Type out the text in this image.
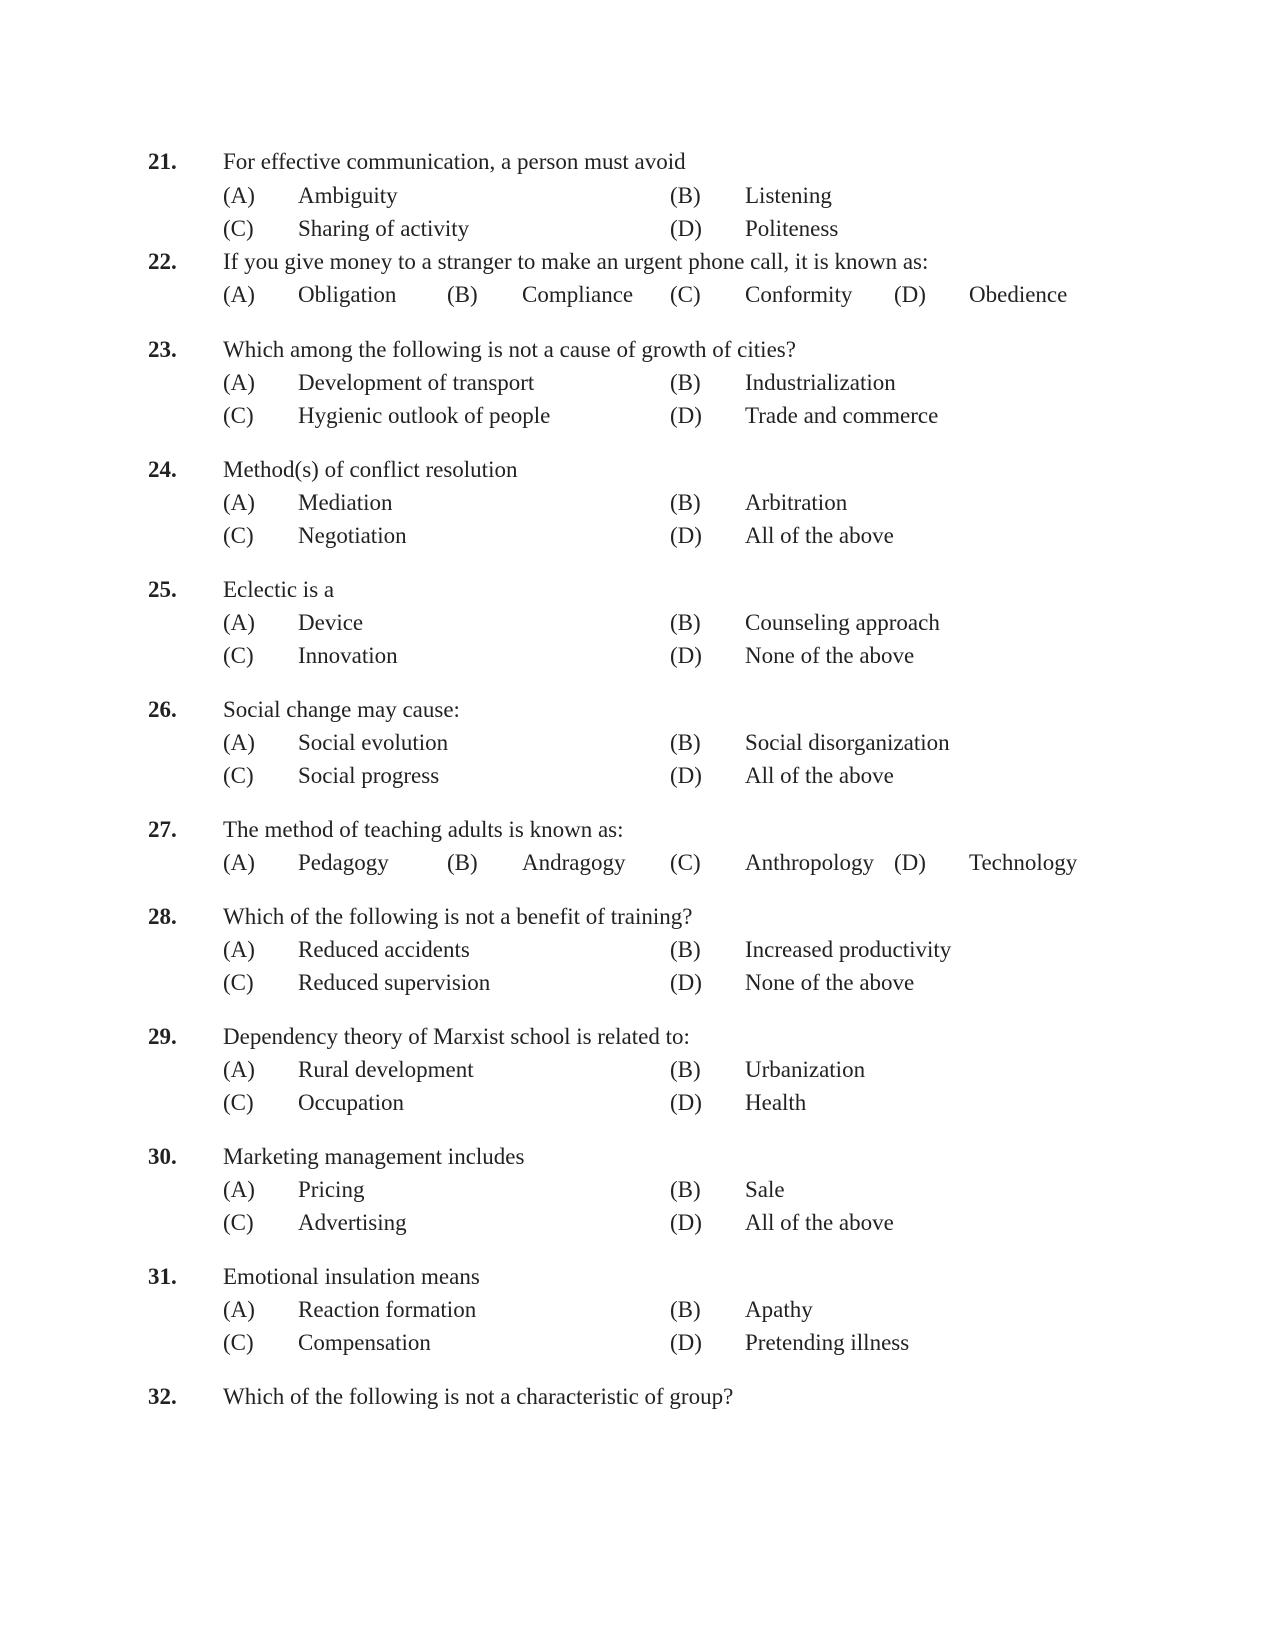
21. For effective communication, a person must avoid
(A) Ambiguity	(B) Listening
(C) Sharing of activity	(D) Politeness
22. If you give money to a stranger to make an urgent phone call, it is known as:
(A) Obligation (B) Compliance (C) Conformity (D) Obedience
23. Which among the following is not a cause of growth of cities?
(A) Development of transport	(B) Industrialization
(C) Hygienic outlook of people	(D) Trade and commerce
24. Method(s) of conflict resolution
(A) Mediation	(B) Arbitration
(C) Negotiation	(D) All of the above
25. Eclectic is a
(A) Device	(B) Counseling approach
(C) Innovation	(D) None of the above
26. Social change may cause:
(A) Social evolution	(B) Social disorganization
(C) Social progress	(D) All of the above
27. The method of teaching adults is known as:
(A) Pedagogy	(B) Andragogy (C) Anthropology (D) Technology
28. Which of the following is not a benefit of training?
(A) Reduced accidents	(B) Increased productivity
(C) Reduced supervision	(D) None of the above
29. Dependency theory of Marxist school is related to:
(A) Rural development	(B) Urbanization
(C) Occupation	(D) Health
30. Marketing management includes
(A) Pricing	(B) Sale
(C) Advertising	(D) All of the above
31. Emotional insulation means
(A) Reaction formation	(B) Apathy
(C) Compensation	(D) Pretending illness
32. Which of the following is not a characteristic of group?
